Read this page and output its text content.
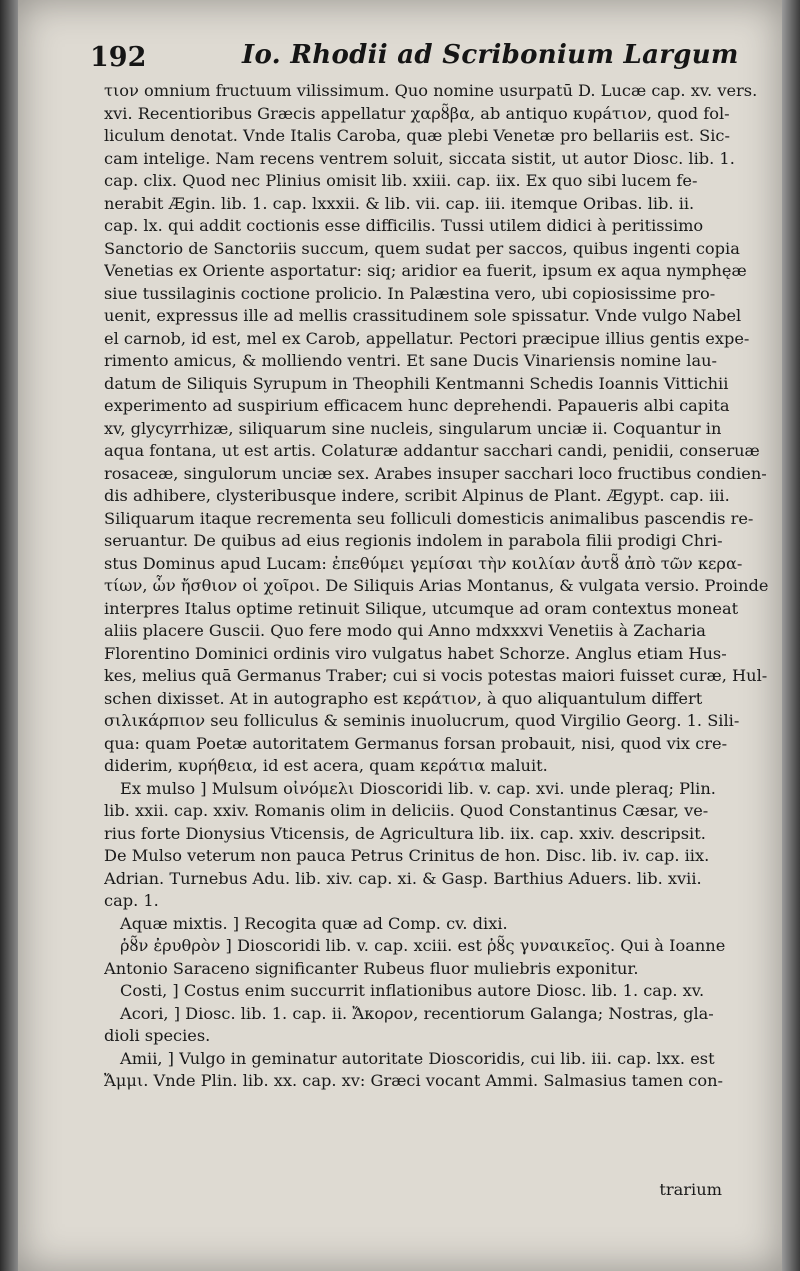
192	Io. Rhodii ad Scribonium Largum
τιον omnium fructuum vilissimum. Quo nomine usurpatū D. Lucæ cap. xv. vers.
xvi. Recentioribus Græcis appellatur χαρȣ̃βα, ab antiquo κυρáτιον, quod fol-
liculum denotat. Vnde Italis Caroba, quæ plebi Venetæ pro bellariis est. Sic-
cam intelige. Nam recens ventrem soluit, siccata sistit, ut autor Diosc. lib. 1.
cap. clix. Quod nec Plinius omisit lib. xxiii. cap. iix. Ex quo sibi lucem fe-
nerabit Ægin. lib. 1. cap. lxxxii. & lib. vii. cap. iii. itemque Oribas. lib. ii.
cap. lx. qui addit coctionis esse difficilis. Tussi utilem didici à peritissimo
Sanctorio de Sanctoriis succum, quem sudat per saccos, quibus ingenti copia
Venetias ex Oriente asportatur: siq; aridior ea fuerit, ipsum ex aqua nymphęæ
siue tussilaginis coctione prolicio. In Palæstina vero, ubi copiosissime pro-
uenit, expressus ille ad mellis crassitudinem sole spissatur. Vnde vulgo Nabel
el carnob, id est, mel ex Carob, appellatur. Pectori præcipue illius gentis expe-
rimento amicus, & molliendo ventri. Et sane Ducis Vinariensis nomine lau-
datum de Siliquis Syrupum in Theophili Kentmanni Schedis Ioannis Vittichii
experimento ad suspirium efficacem hunc deprehendi. Papaueris albi capita
xv, glycyrrhizæ, siliquarum sine nucleis, singularum unciæ ii. Coquantur in
aqua fontana, ut est artis. Colaturæ addantur sacchari candi, penidii, conseruæ
rosaceæ, singulorum unciæ sex. Arabes insuper sacchari loco fructibus condien-
dis adhibere, clysteribusque indere, scribit Alpinus de Plant. Ægypt. cap. iii.
Siliquarum itaque recrementa seu folliculi domesticis animalibus pascendis re-
seruantur. De quibus ad eius regionis indolem in parabola filii prodigi Chri-
stus Dominus apud Lucam: ἐπεθύμει γεμίσαι τὴν κοιλίαν ἀυτȣ̃ ἀπὸ τῶν κερα-
τίων, ὧν ἤσθιον οἱ χοῖροι. De Siliquis Arias Montanus, & vulgata versio. Proinde
interpres Italus optime retinuit Silique, utcumque ad oram contextus moneat
aliis placere Guscii. Quo fere modo qui Anno mdxxxvi Venetiis à Zacharia
Florentino Dominici ordinis viro vulgatus habet Schorze. Anglus etiam Hus-
kes, melius quā Germanus Traber; cui si vocis potestas maiori fuisset curæ, Hul-
schen dixisset. At in autographo est κεράτιον, à quo aliquantulum differt
σιλικάρπιον seu folliculus & seminis inuolucrum, quod Virgilio Georg. 1. Sili-
qua: quam Poetæ autoritatem Germanus forsan probauit, nisi, quod vix cre-
diderim, κυρήθεια, id est acera, quam κεράτια maluit.
Ex mulso ] Mulsum οἰνόμελι Dioscoridi lib. v. cap. xvi. unde pleraq; Plin.
lib. xxii. cap. xxiv. Romanis olim in deliciis. Quod Constantinus Cæsar, ve-
rius forte Dionysius Vticensis, de Agricultura lib. iix. cap. xxiv. descripsit.
De Mulso veterum non pauca Petrus Crinitus de hon. Disc. lib. iv. cap. iix.
Adrian. Turnebus Adu. lib. xiv. cap. xi. & Gasp. Barthius Aduers. lib. xvii.
cap. 1.
Aquæ mixtis. ] Recogita quæ ad Comp. cv. dixi.
ῥȣ̃ν ἐρυθρὸν ] Dioscoridi lib. v. cap. xciii. est ῥȣ̃ς γυναικεῖος. Qui à Ioanne
Antonio Saraceno significanter Rubeus fluor muliebris exponitur.
Costi, ] Costus enim succurrit inflationibus autore Diosc. lib. 1. cap. xv.
Acori, ] Diosc. lib. 1. cap. ii. Ἄκορον, recentiorum Galanga; Nostras, gla-
dioli species.
Amii, ] Vulgo in geminatur autoritate Dioscoridis, cui lib. iii. cap. lxx. est
Ἄμμι. Vnde Plin. lib. xx. cap. xv: Græci vocant Ammi. Salmasius tamen con-
trarium
